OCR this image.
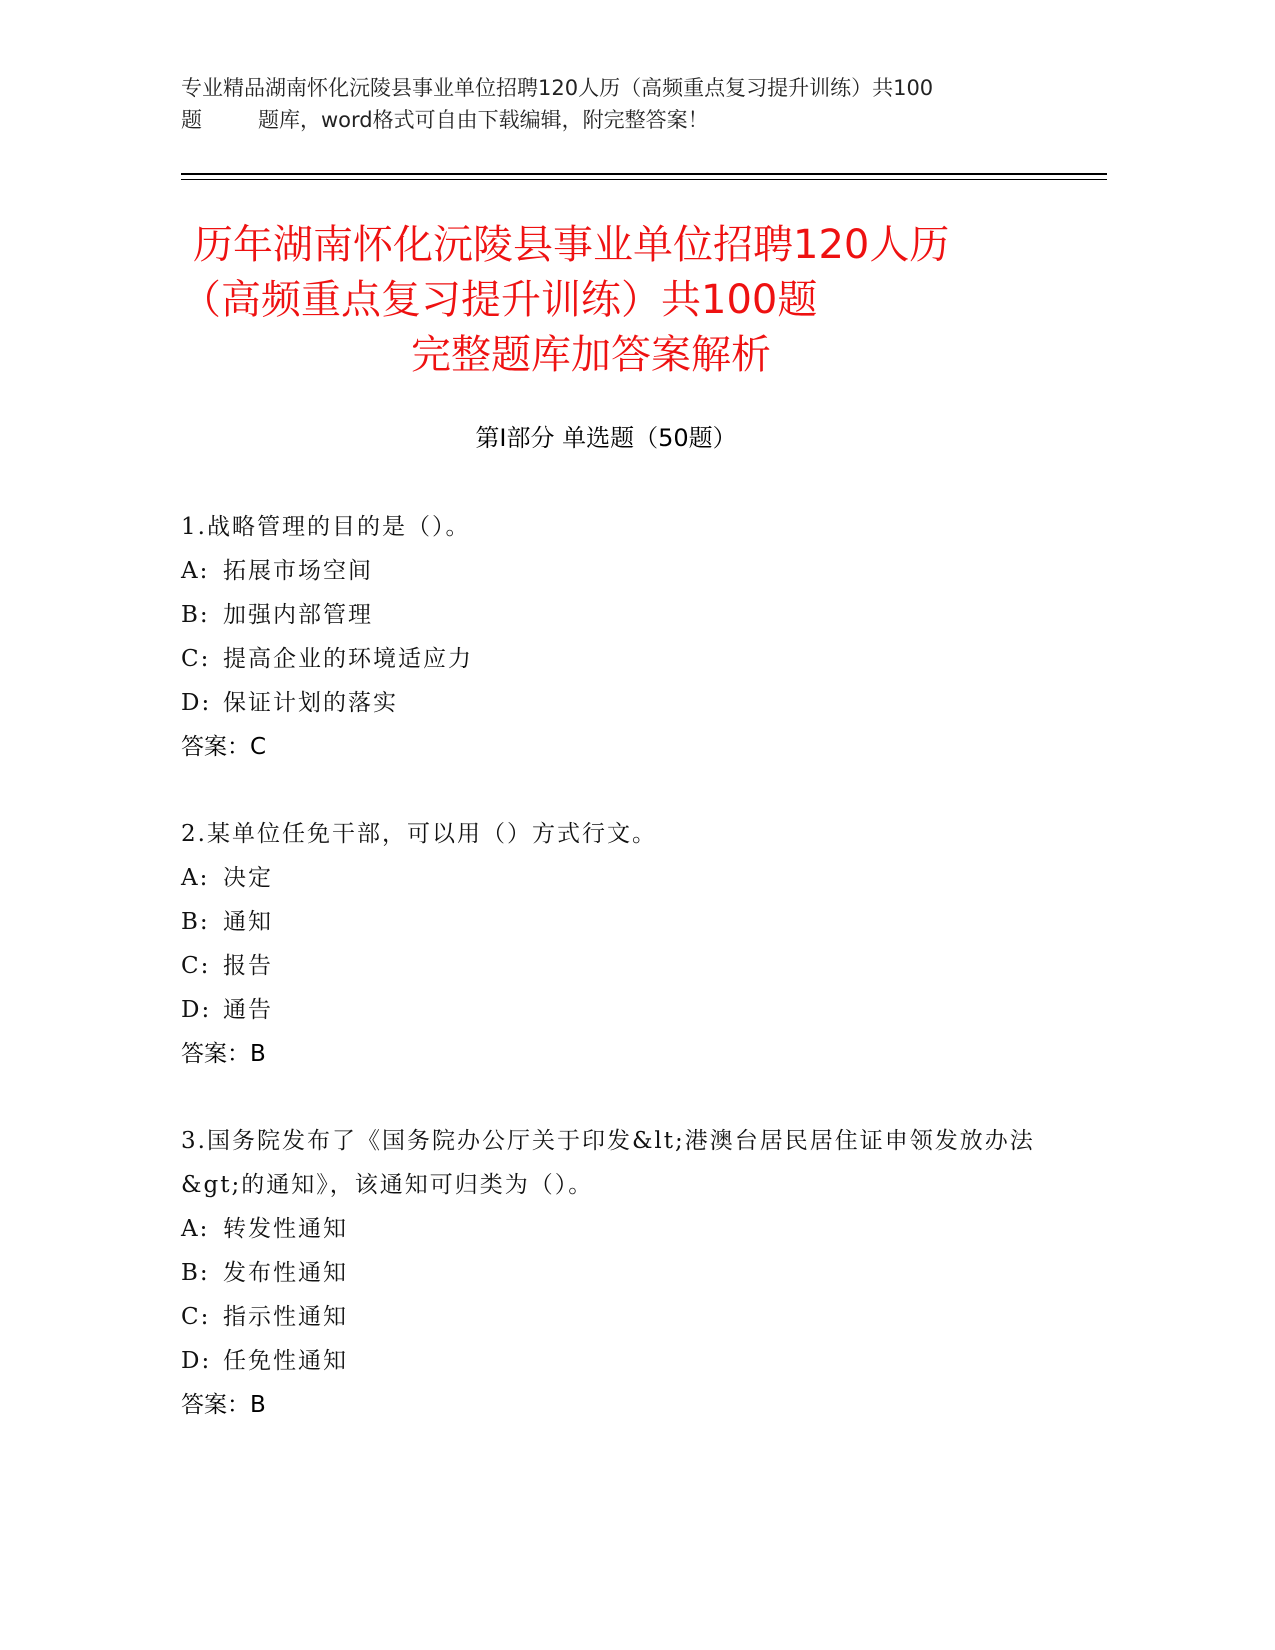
专业精品湖南怀化沅陵县事业单位招聘120人历（高频重点复习提升训练）共100
题	题库，word格式可自由下载编辑，附完整答案！
历年湖南怀化沅陵县事业单位招聘120人历
（高频重点复习提升训练）共100题
完整题库加答案解析
第Ⅰ部分 单选题（50题）
1.战略管理的目的是（）。
A: 拓展市场空间
B: 加强内部管理
C: 提高企业的环境适应力
D: 保证计划的落实
答案：C
2.某单位任免干部，可以用（）方式行文。
A: 决定
B: 通知
C: 报告
D: 通告
答案：B
3.国务院发布了《国务院办公厅关于印发&lt;港澳台居民居住证申领发放办法&gt;的通知》，该通知可归类为（）。
A: 转发性通知
B: 发布性通知
C: 指示性通知
D: 任免性通知
答案：B
